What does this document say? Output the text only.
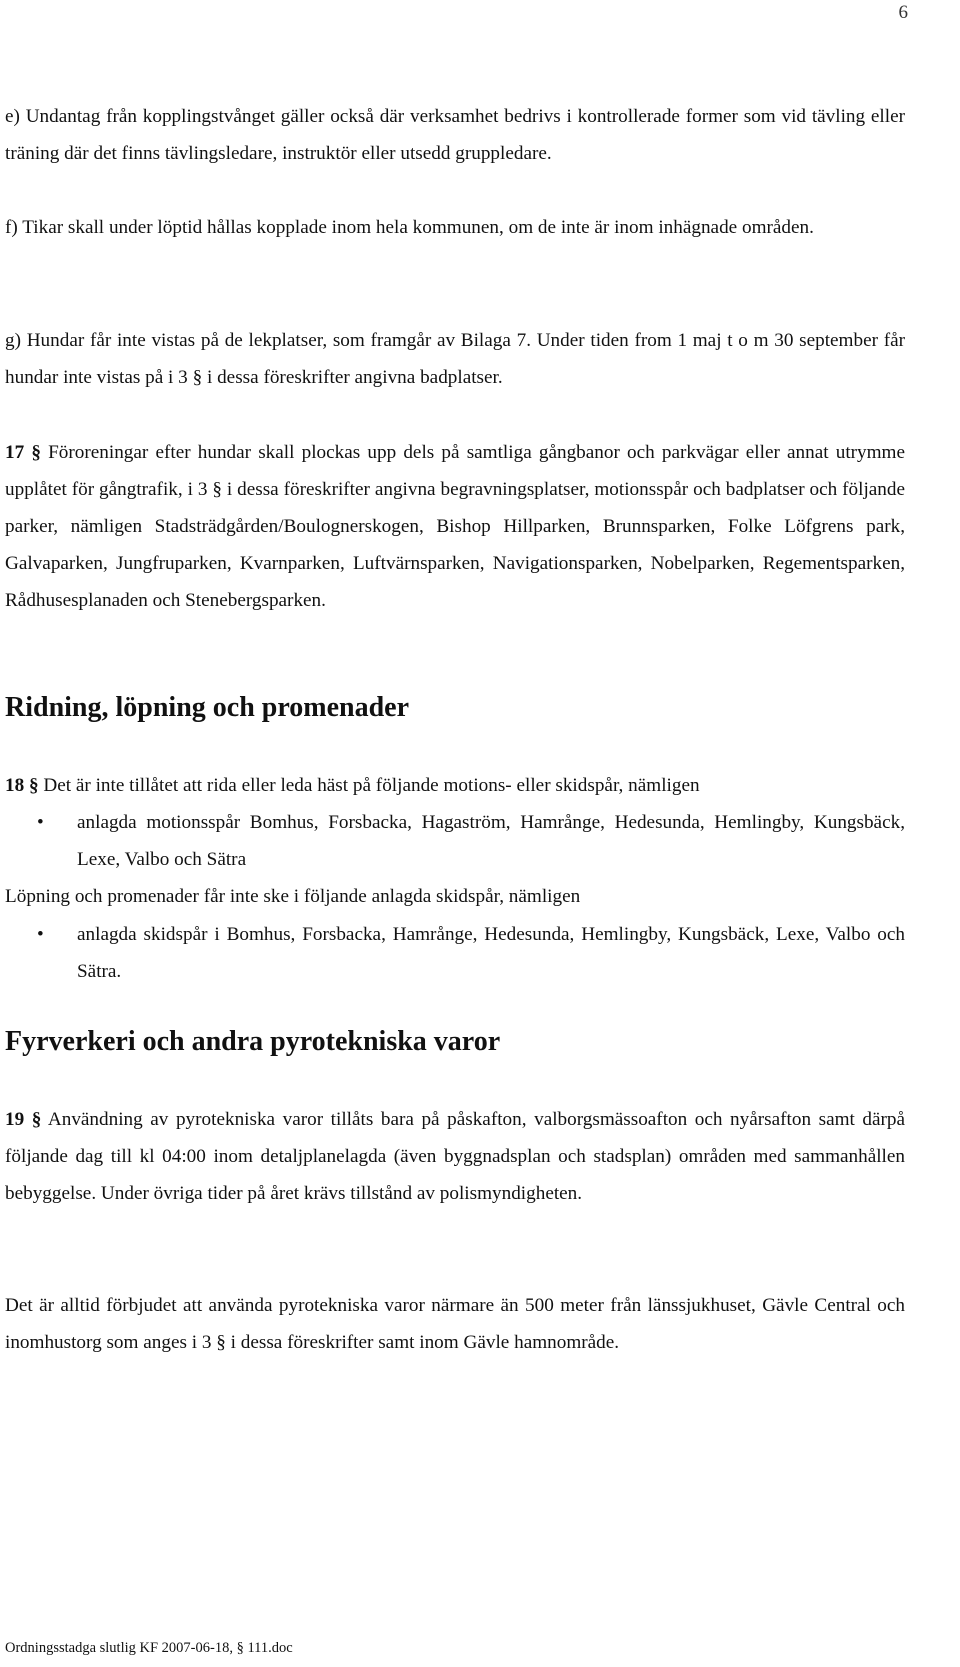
6

e) Undantag från kopplingstvånget gäller också där verksamhet bedrivs i kontrollerade former som vid tävling eller träning där det finns tävlingsledare, instruktör eller utsedd gruppledare.

f) Tikar skall under löptid hållas kopplade inom hela kommunen, om de inte är inom inhägnade områden.

g) Hundar får inte vistas på de lekplatser, som framgår av Bilaga 7. Under tiden from 1 maj t o m 30 september får hundar inte vistas på i 3 § i dessa föreskrifter angivna badplatser.

17 § Föroreningar efter hundar skall plockas upp dels på samtliga gångbanor och parkvägar eller annat utrymme upplåtet för gångtrafik, i 3 § i dessa föreskrifter angivna begravningsplatser, motionsspår och badplatser och följande parker, nämligen Stadsträdgården/Boulognerskogen, Bishop Hillparken, Brunnsparken, Folke Löfgrens park, Galvaparken, Jungfruparken, Kvarnparken, Luftvärnsparken, Navigationsparken, Nobelparken, Regementsparken, Rådhusesplanaden och Stenebergsparken.

Ridning, löpning och promenader

18 § Det är inte tillåtet att rida eller leda häst på följande motions- eller skidspår, nämligen

• anlagda motionsspår Bomhus, Forsbacka, Hagaström, Hamrånge, Hedesunda, Hemlingby, Kungsbäck, Lexe, Valbo och Sätra

Löpning och promenader får inte ske i följande anlagda skidspår, nämligen

• anlagda skidspår i Bomhus, Forsbacka, Hamrånge, Hedesunda, Hemlingby, Kungsbäck, Lexe, Valbo och Sätra.
Fyrverkeri och andra pyrotekniska varor

19 § Användning av pyrotekniska varor tillåts bara på påskafton, valborgsmässoafton och nyårsafton samt därpå följande dag till kl 04:00 inom detaljplanelagda (även byggnadsplan och stadsplan) områden med sammanhållen bebyggelse. Under övriga tider på året krävs tillstånd av polismyndigheten.

Det är alltid förbjudet att använda pyrotekniska varor närmare än 500 meter från länssjukhuset, Gävle Central och inomhustorg som anges i 3 § i dessa föreskrifter samt inom Gävle hamnområde.

Ordningsstadga slutlig KF 2007-06-18, § 111.doc
